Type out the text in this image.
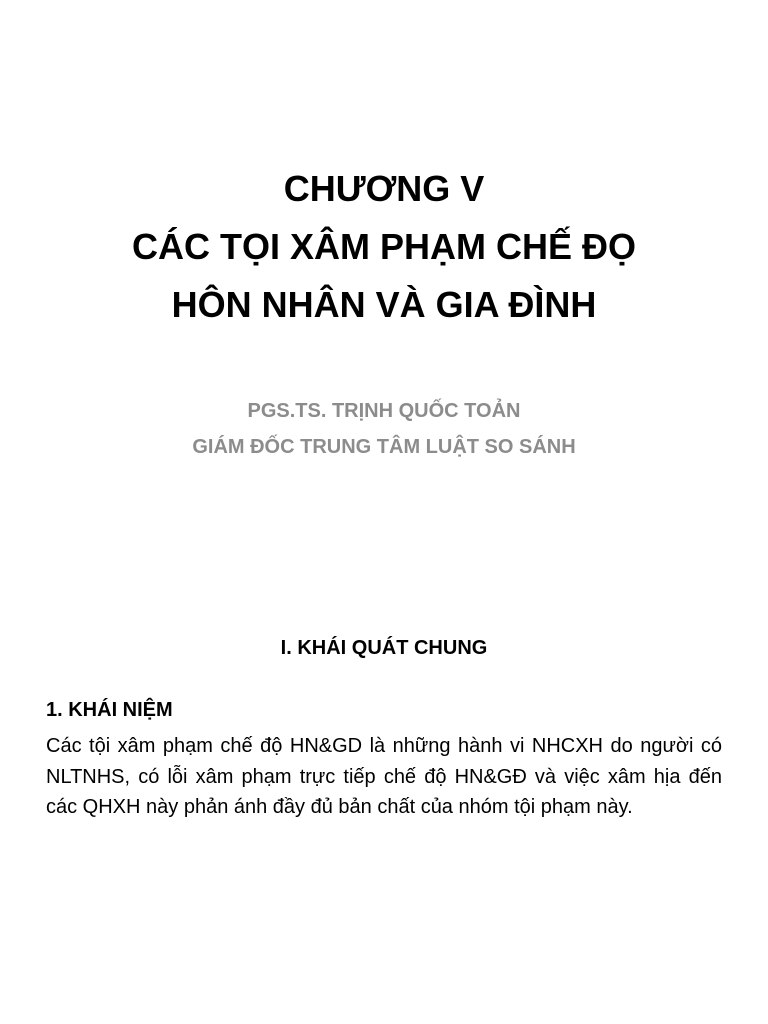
CHƯƠNG V
CÁC TỌI XÂM PHẠM CHẾ ĐỌ
HÔN NHÂN VÀ GIA ĐÌNH
PGS.TS. TRỊNH QUỐC TOẢN
GIÁM ĐỐC TRUNG TÂM LUẬT SO SÁNH
I. KHÁI QUÁT CHUNG
1. KHÁI NIỆM

Các tội xâm phạm chế độ HN&GD là những hành vi NHCXH do người có NLTNHS, có lỗi xâm phạm trực tiếp chế độ HN&GĐ và việc xâm hịa đến các QHXH này phản ánh đầy đủ bản chất của nhóm tội phạm này.
